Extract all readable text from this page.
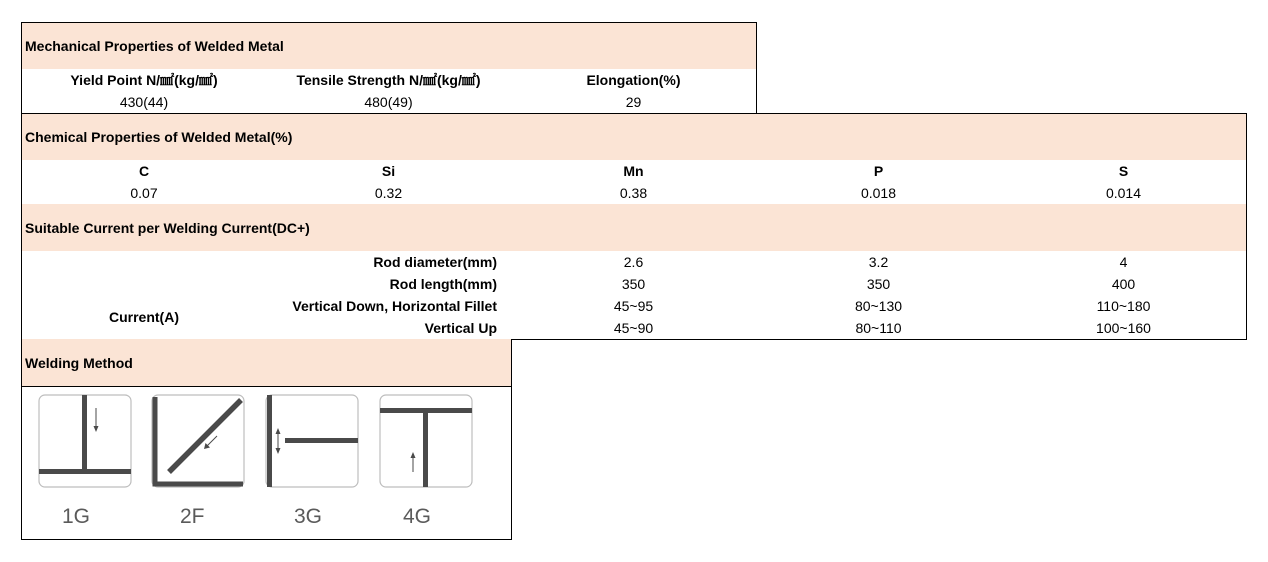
Mechanical Properties of Welded Metal
Yield Point N/㎟(kg/㎟)	Tensile Strength N/㎟(kg/㎟)	Elongation(%)
430(44)	480(49)	29
Chemical Properties of Welded Metal(%)
C	Si	Mn	P	S
0.07	0.32	0.38	0.018	0.014
Suitable Current per Welding Current(DC+)
Rod diameter(mm)	2.6	3.2	4
Rod length(mm)	350	350	400
Current(A)
Vertical Down, Horizontal Fillet	45~95	80~130	110~180
Vertical Up	45~90	80~110	100~160
Welding Method
1G	2F	3G	4G
